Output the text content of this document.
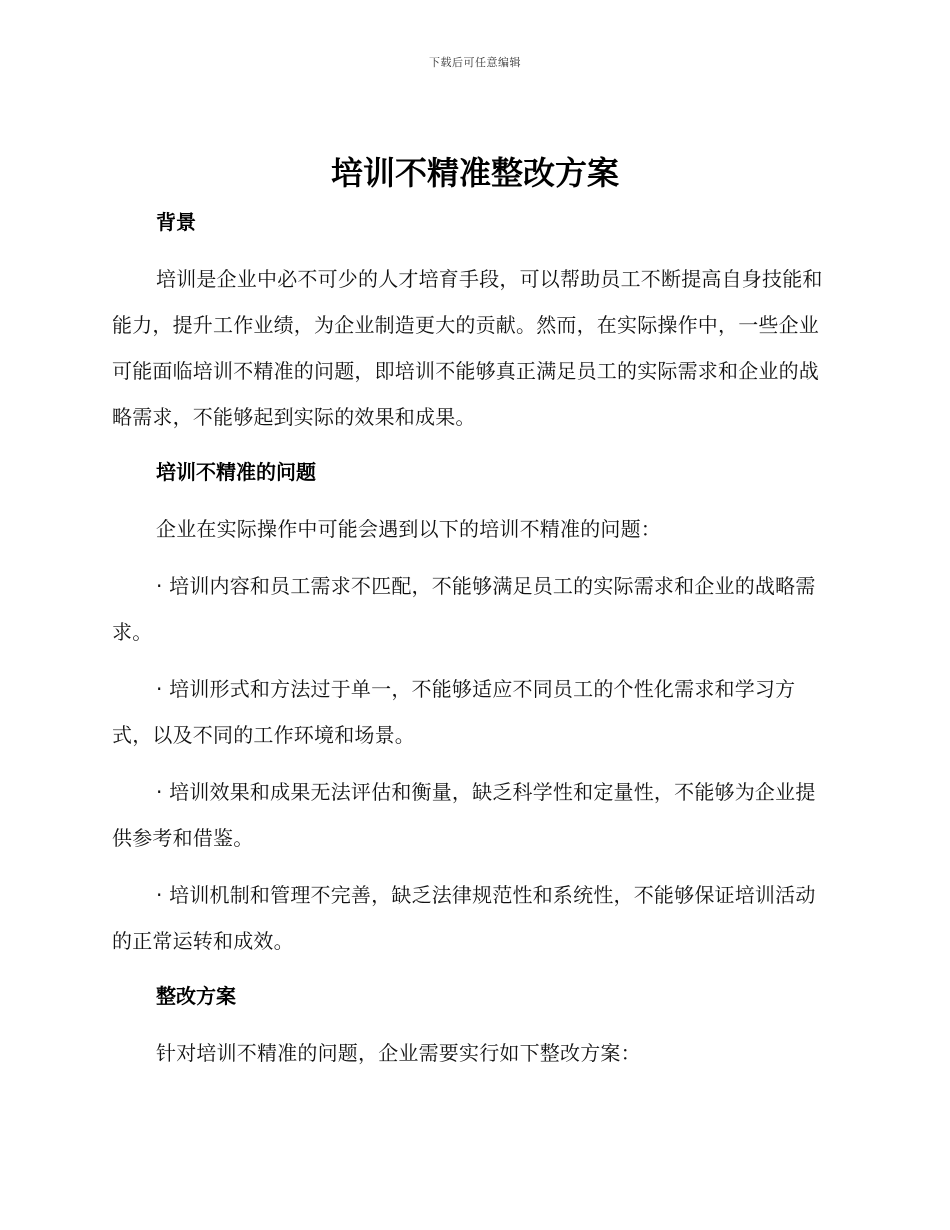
下载后可任意编辑
培训不精准整改方案
背景

培训是企业中必不可少的人才培育手段，可以帮助员工不断提高自身技能和能力，提升工作业绩，为企业制造更大的贡献。然而，在实际操作中，一些企业可能面临培训不精准的问题，即培训不能够真正满足员工的实际需求和企业的战略需求，不能够起到实际的效果和成果。

培训不精准的问题

企业在实际操作中可能会遇到以下的培训不精准的问题：

· 培训内容和员工需求不匹配，不能够满足员工的实际需求和企业的战略需求。

· 培训形式和方法过于单一，不能够适应不同员工的个性化需求和学习方式，以及不同的工作环境和场景。

· 培训效果和成果无法评估和衡量，缺乏科学性和定量性，不能够为企业提供参考和借鉴。

· 培训机制和管理不完善，缺乏法律规范性和系统性，不能够保证培训活动的正常运转和成效。

整改方案

针对培训不精准的问题，企业需要实行如下整改方案：
